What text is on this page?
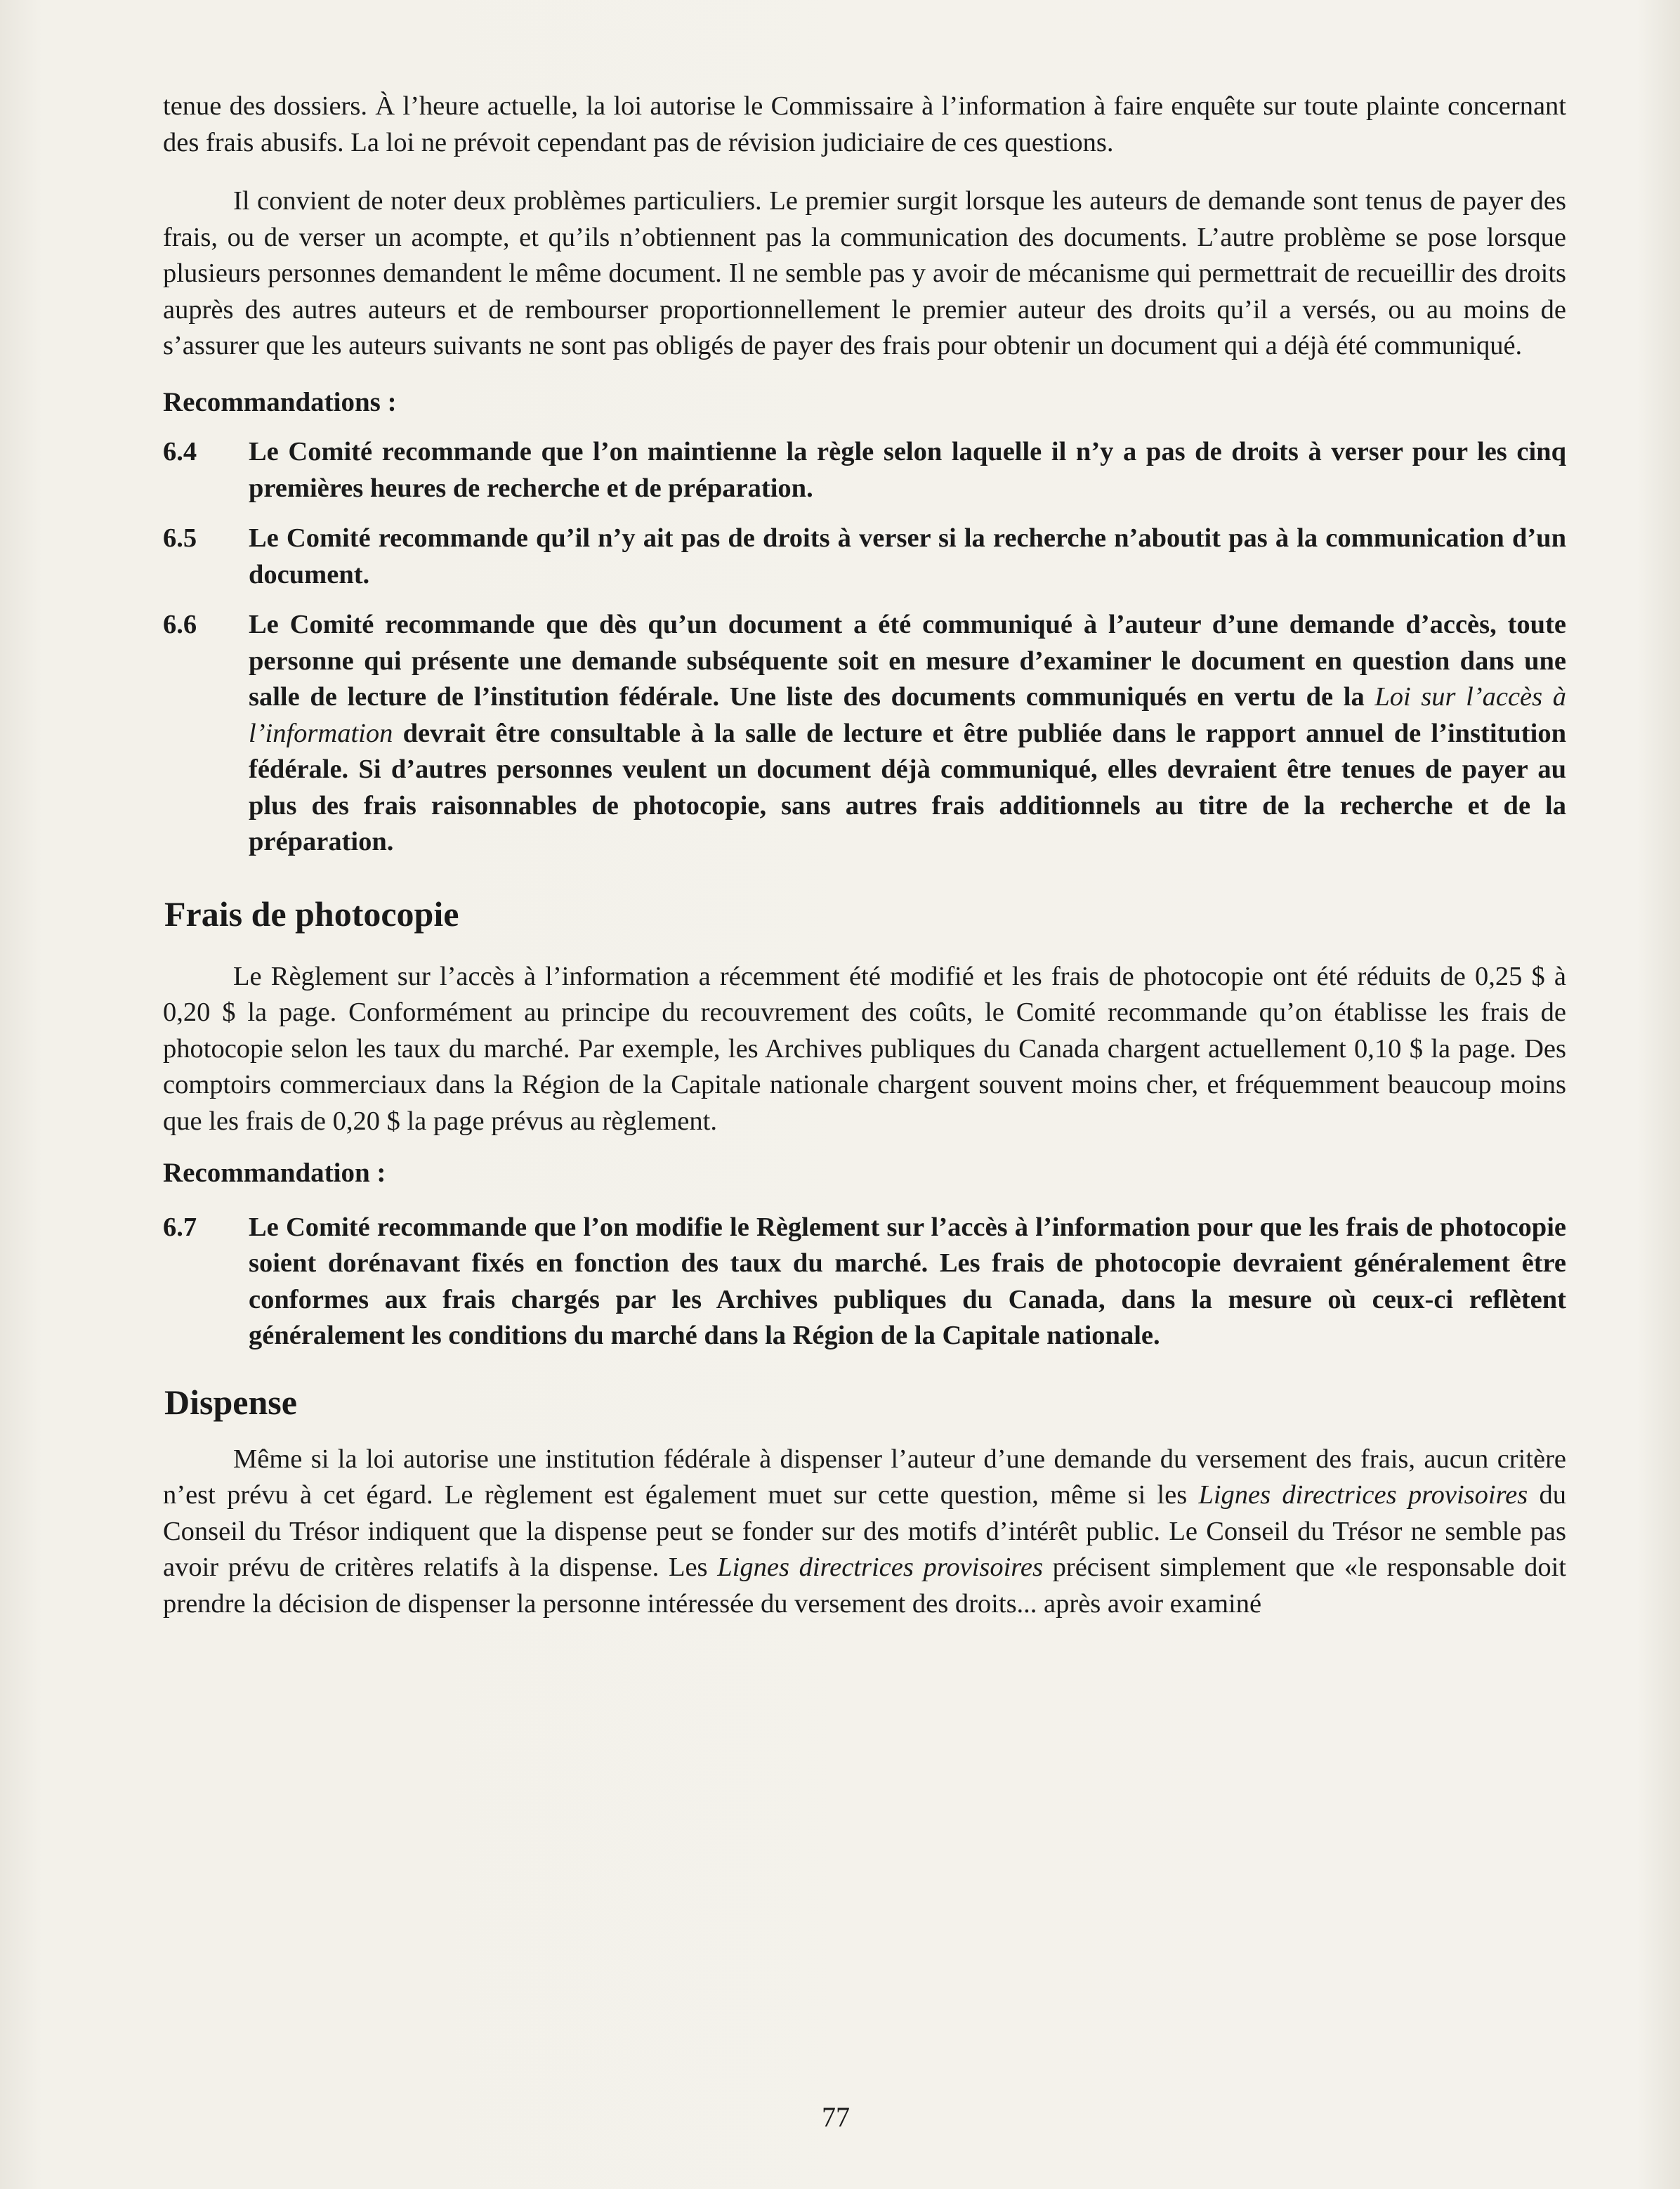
tenue des dossiers. À l’heure actuelle, la loi autorise le Commissaire à l’information à faire enquête sur toute plainte concernant des frais abusifs. La loi ne prévoit cependant pas de révision judiciaire de ces questions.

Il convient de noter deux problèmes particuliers. Le premier surgit lorsque les auteurs de demande sont tenus de payer des frais, ou de verser un acompte, et qu’ils n’obtiennent pas la communication des documents. L’autre problème se pose lorsque plusieurs personnes demandent le même document. Il ne semble pas y avoir de mécanisme qui permettrait de recueillir des droits auprès des autres auteurs et de rembourser proportionnellement le premier auteur des droits qu’il a versés, ou au moins de s’assurer que les auteurs suivants ne sont pas obligés de payer des frais pour obtenir un document qui a déjà été communiqué.

Recommandations :
6.4	Le Comité recommande que l’on maintienne la règle selon laquelle il n’y a pas de droits à verser pour les cinq premières heures de recherche et de préparation.
6.5	Le Comité recommande qu’il n’y ait pas de droits à verser si la recherche n’aboutit pas à la communication d’un document.
6.6	Le Comité recommande que dès qu’un document a été communiqué à l’auteur d’une demande d’accès, toute personne qui présente une demande subséquente soit en mesure d’examiner le document en question dans une salle de lecture de l’institution fédérale. Une liste des documents communiqués en vertu de la Loi sur l’accès à l’information devrait être consultable à la salle de lecture et être publiée dans le rapport annuel de l’institution fédérale. Si d’autres personnes veulent un document déjà communiqué, elles devraient être tenues de payer au plus des frais raisonnables de photocopie, sans autres frais additionnels au titre de la recherche et de la préparation.
Frais de photocopie

Le Règlement sur l’accès à l’information a récemment été modifié et les frais de photocopie ont été réduits de 0,25 $ à 0,20 $ la page. Conformément au principe du recouvrement des coûts, le Comité recommande qu’on établisse les frais de photocopie selon les taux du marché. Par exemple, les Archives publiques du Canada chargent actuellement 0,10 $ la page. Des comptoirs commerciaux dans la Région de la Capitale nationale chargent souvent moins cher, et fréquemment beaucoup moins que les frais de 0,20 $ la page prévus au règlement.

Recommandation :
6.7	Le Comité recommande que l’on modifie le Règlement sur l’accès à l’information pour que les frais de photocopie soient dorénavant fixés en fonction des taux du marché. Les frais de photocopie devraient généralement être conformes aux frais chargés par les Archives publiques du Canada, dans la mesure où ceux-ci reflètent généralement les conditions du marché dans la Région de la Capitale nationale.
Dispense

Même si la loi autorise une institution fédérale à dispenser l’auteur d’une demande du versement des frais, aucun critère n’est prévu à cet égard. Le règlement est également muet sur cette question, même si les Lignes directrices provisoires du Conseil du Trésor indiquent que la dispense peut se fonder sur des motifs d’intérêt public. Le Conseil du Trésor ne semble pas avoir prévu de critères relatifs à la dispense. Les Lignes directrices provisoires précisent simplement que «le responsable doit prendre la décision de dispenser la personne intéressée du versement des droits... après avoir examiné

77
